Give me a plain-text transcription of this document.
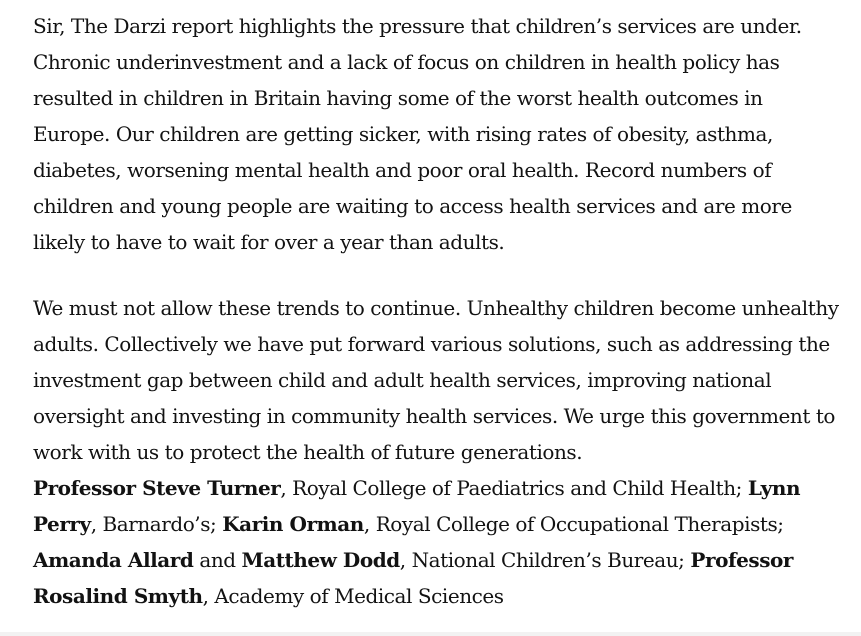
Sir, The Darzi report highlights the pressure that children’s services are under. Chronic underinvestment and a lack of focus on children in health policy has resulted in children in Britain having some of the worst health outcomes in Europe. Our children are getting sicker, with rising rates of obesity, asthma, diabetes, worsening mental health and poor oral health. Record numbers of children and young people are waiting to access health services and are more likely to have to wait for over a year than adults.

We must not allow these trends to continue. Unhealthy children become unhealthy adults. Collectively we have put forward various solutions, such as addressing the investment gap between child and adult health services, improving national oversight and investing in community health services. We urge this government to work with us to protect the health of future generations.
Professor Steve Turner, Royal College of Paediatrics and Child Health; Lynn Perry, Barnardo’s; Karin Orman, Royal College of Occupational Therapists; Amanda Allard and Matthew Dodd, National Children’s Bureau; Professor Rosalind Smyth, Academy of Medical Sciences
